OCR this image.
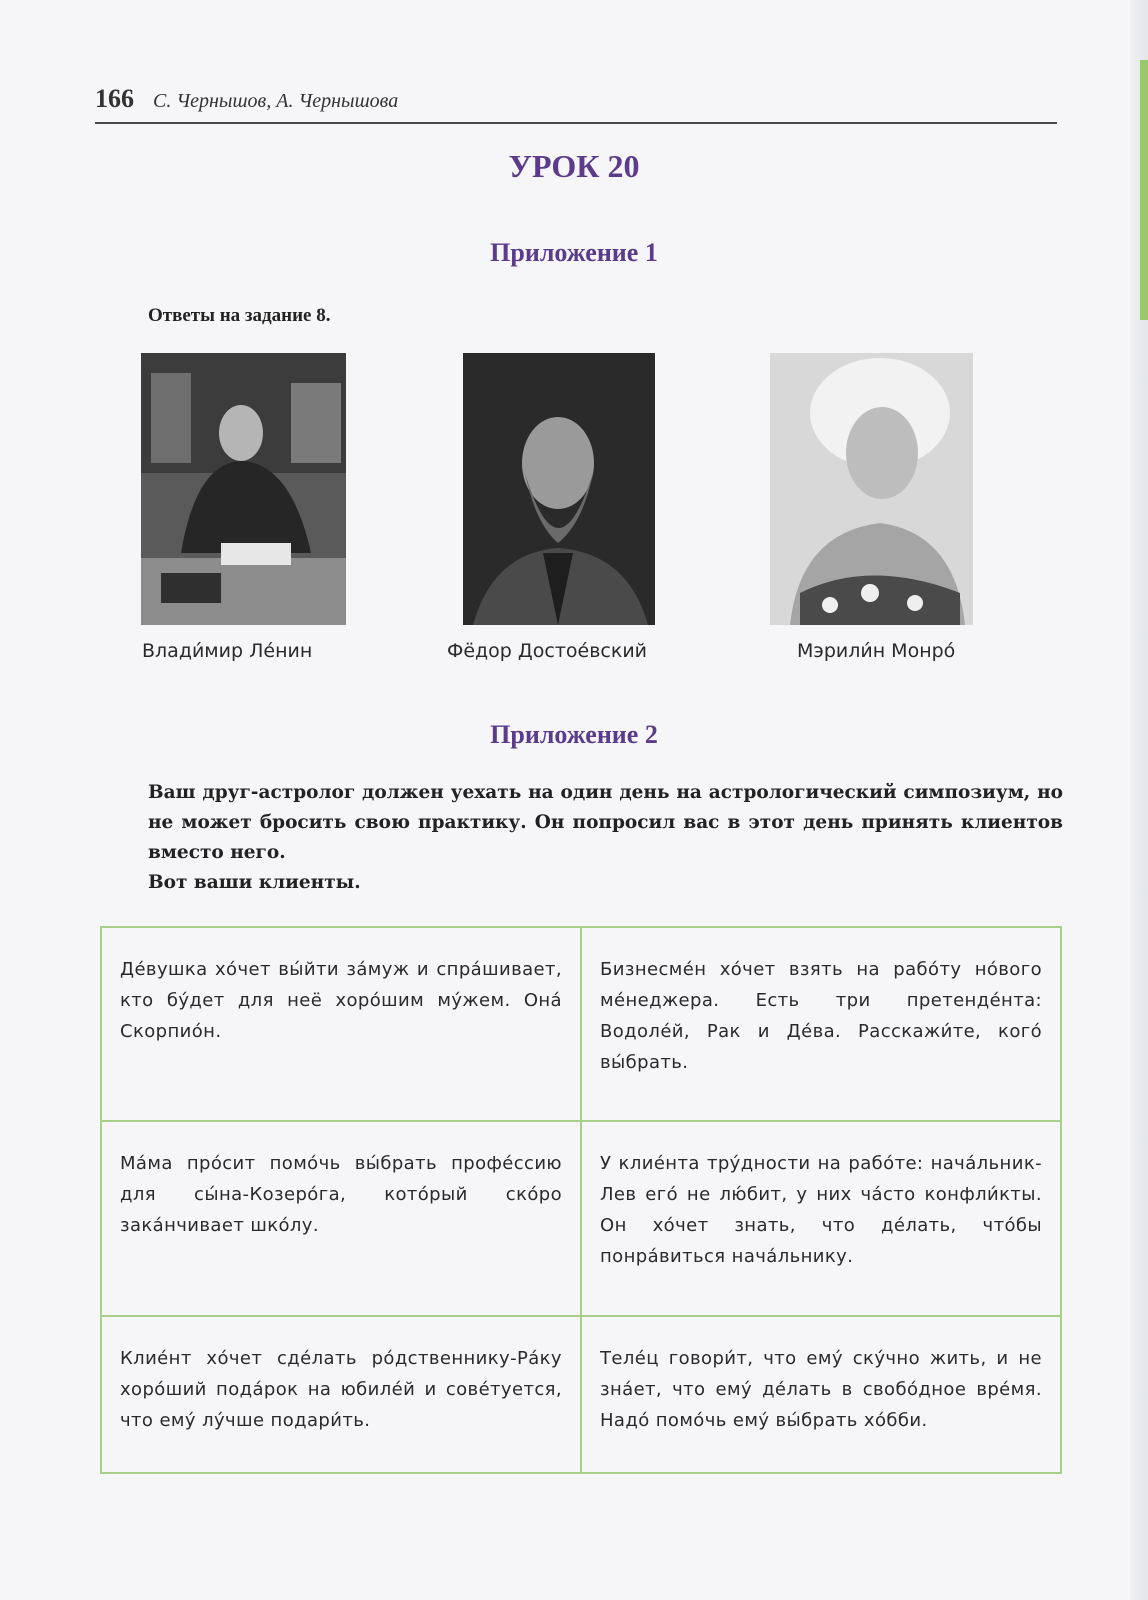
166 С. Чернышов, А. Чернышова
УРОК 20
Приложение 1
Ответы на задание 8.
Влади́мир Ле́нин	Фёдор Достое́вский	Мэрили́н Монро́
Приложение 2

Ваш друг-астролог должен уехать на один день на астрологический симпозиум, но не может бросить свою практику. Он попросил вас в этот день принять клиентов вместо него.

Вот ваши клиенты.

Де́вушка хо́чет вы́йти за́муж и спра́шивает, кто бу́дет для неё хоро́шим му́жем. Она́ Скорпио́н.	Бизнесме́н хо́чет взять на рабо́ту но́вого ме́неджера. Есть три претенде́нта: Водоле́й, Рак и Де́ва. Расскажи́те, кого́ вы́брать.
Ма́ма про́сит помо́чь вы́брать профе́ссию для сы́на-Козеро́га, кото́рый ско́ро зака́нчивает шко́лу.	У клие́нта тру́дности на рабо́те: нача́льник-Лев его́ не лю́бит, у них ча́сто конфли́кты. Он хо́чет знать, что де́лать, что́бы понра́виться нача́льнику.
Клие́нт хо́чет сде́лать ро́дственнику-Ра́ку хоро́ший пода́рок на юбиле́й и сове́туется, что ему́ лу́чше подари́ть.	Теле́ц говори́т, что ему́ ску́чно жить, и не зна́ет, что ему́ де́лать в свобо́дное вре́мя. Надо́ помо́чь ему́ вы́брать хо́бби.
